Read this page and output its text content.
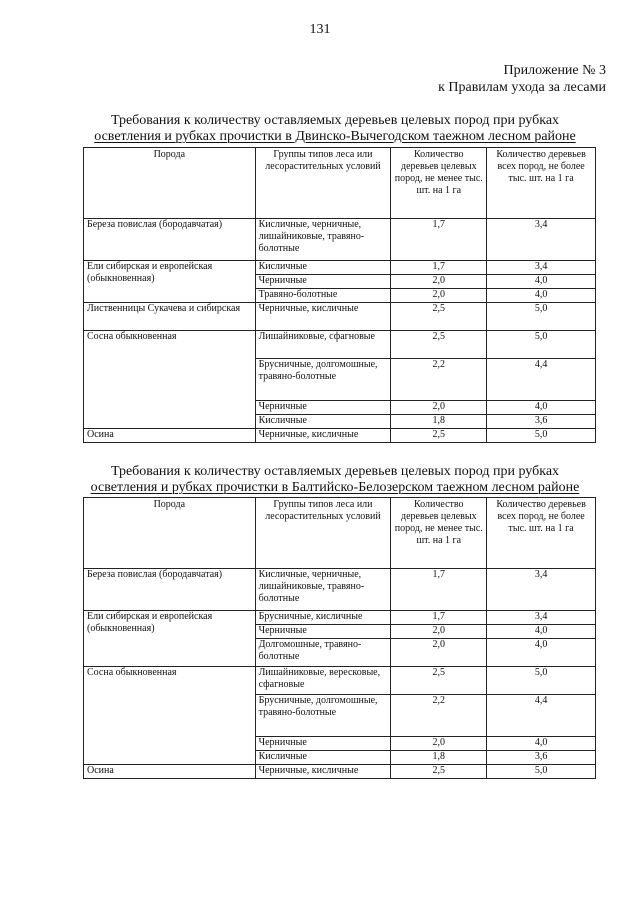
131
Приложение № 3
к Правилам ухода за лесами
Требования к количеству оставляемых деревьев целевых пород при рубках
осветления и рубках прочистки в Двинско-Вычегодском таежном лесном районе
Порода	Группы типов леса или лесорастительных условий	Количество деревьев целевых пород, не менее тыс. шт. на 1 га	Количество деревьев всех пород, не более тыс. шт. на 1 га
Береза повислая (бородавчатая)	Кисличные, черничные, лишайниковые, травяно-болотные	1,7	3,4
Ели сибирская и европейская (обыкновенная)	Кисличные	1,7	3,4
	Черничные	2,0	4,0
	Травяно-болотные	2,0	4,0
Лиственницы Сукачева и сибирская	Черничные, кисличные	2,5	5,0
Сосна обыкновенная	Лишайниковые, сфагновые	2,5	5,0
	Брусничные, долгомошные, травяно-болотные	2,2	4,4
	Черничные	2,0	4,0
	Кисличные	1,8	3,6
Осина	Черничные, кисличные	2,5	5,0
Требования к количеству оставляемых деревьев целевых пород при рубках
осветления и рубках прочистки в Балтийско-Белозерском таежном лесном районе
Порода	Группы типов леса или лесорастительных условий	Количество деревьев целевых пород, не менее тыс. шт. на 1 га	Количество деревьев всех пород, не более тыс. шт. на 1 га
Береза повислая (бородавчатая)	Кисличные, черничные, лишайниковые, травяно-болотные	1,7	3,4
Ели сибирская и европейская (обыкновенная)	Брусничные, кисличные	1,7	3,4
	Черничные	2,0	4,0
	Долгомошные, травяно-болотные	2,0	4,0
Сосна обыкновенная	Лишайниковые, вересковые, сфагновые	2,5	5,0
	Брусничные, долгомошные, травяно-болотные	2,2	4,4
	Черничные	2,0	4,0
	Кисличные	1,8	3,6
Осина	Черничные, кисличные	2,5	5,0
